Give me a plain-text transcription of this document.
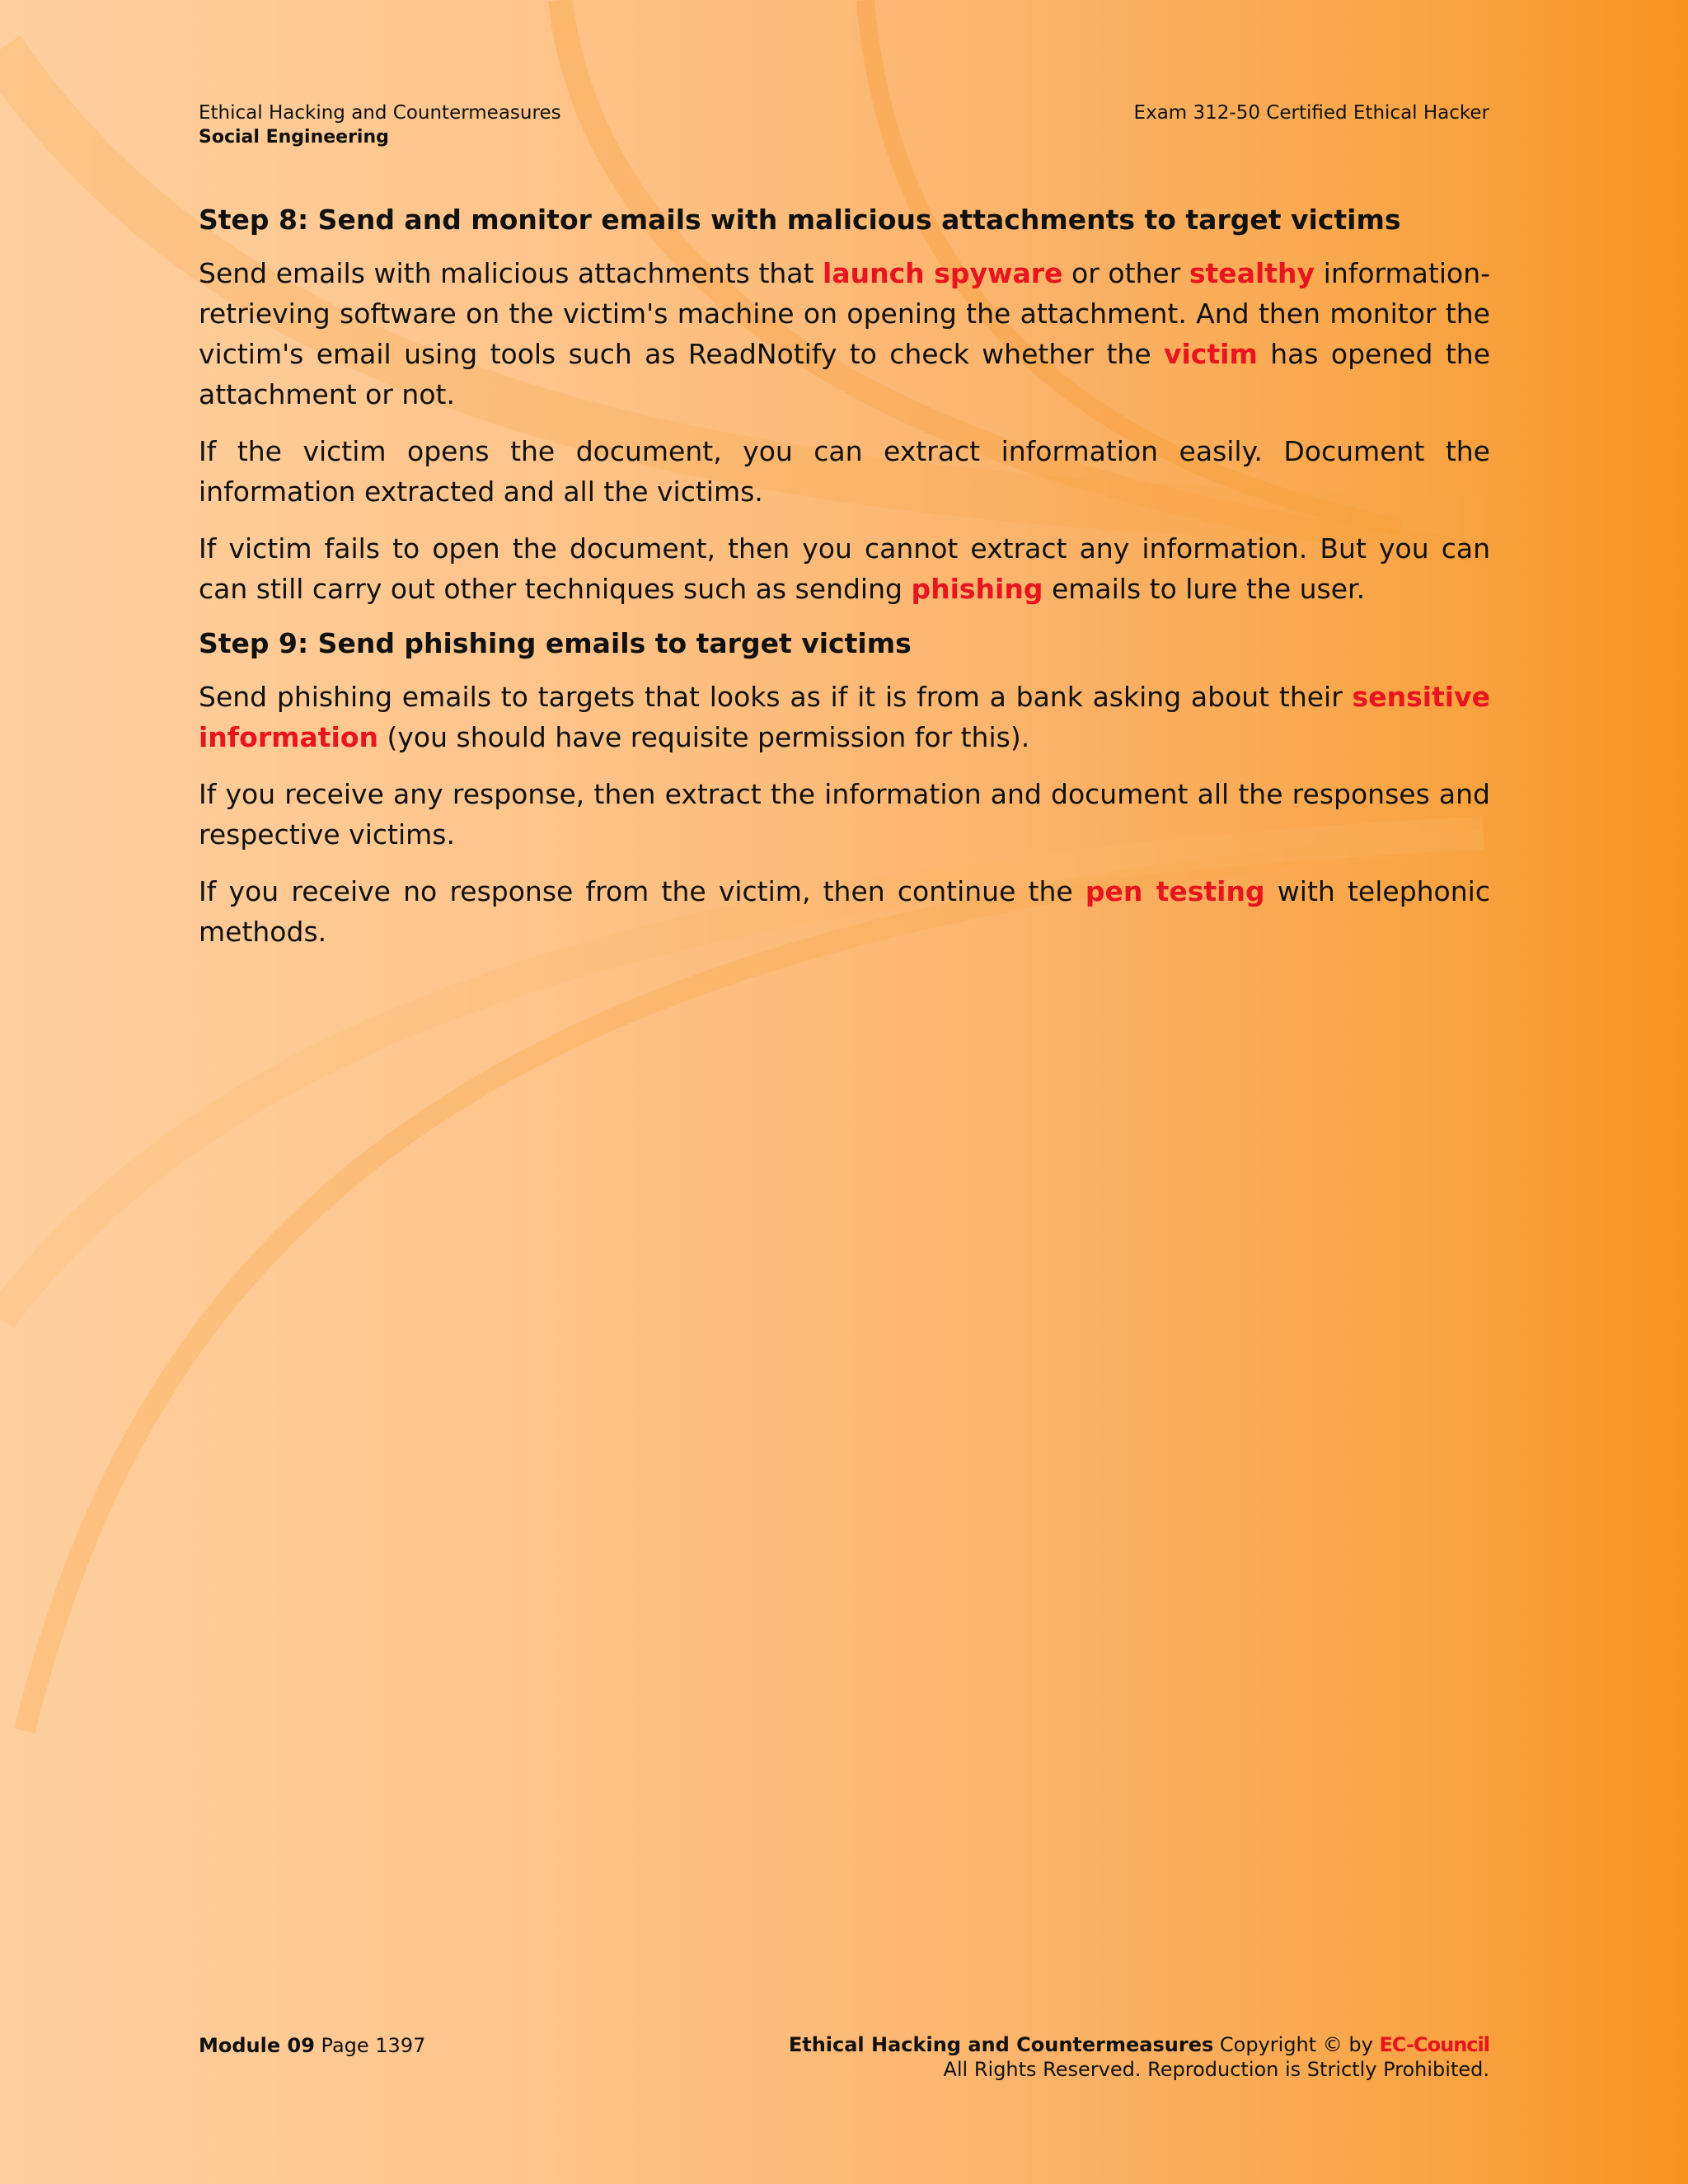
Ethical Hacking and Countermeasures
Social Engineering
Exam 312-50 Certified Ethical Hacker
Step 8: Send and monitor emails with malicious attachments to target victims

Send emails with malicious attachments that launch spyware or other stealthy information-retrieving software on the victim's machine on opening the attachment. And then monitor the victim's email using tools such as ReadNotify to check whether the victim has opened the attachment or not.

If the victim opens the document, you can extract information easily. Document the information extracted and all the victims.

If victim fails to open the document, then you cannot extract any information. But you can can still carry out other techniques such as sending phishing emails to lure the user.

Step 9: Send phishing emails to target victims

Send phishing emails to targets that looks as if it is from a bank asking about their sensitive information (you should have requisite permission for this).

If you receive any response, then extract the information and document all the responses and respective victims.

If you receive no response from the victim, then continue the pen testing with telephonic methods.

Module 09 Page 1397	Ethical Hacking and Countermeasures Copyright © by EC-Council
All Rights Reserved. Reproduction is Strictly Prohibited.
